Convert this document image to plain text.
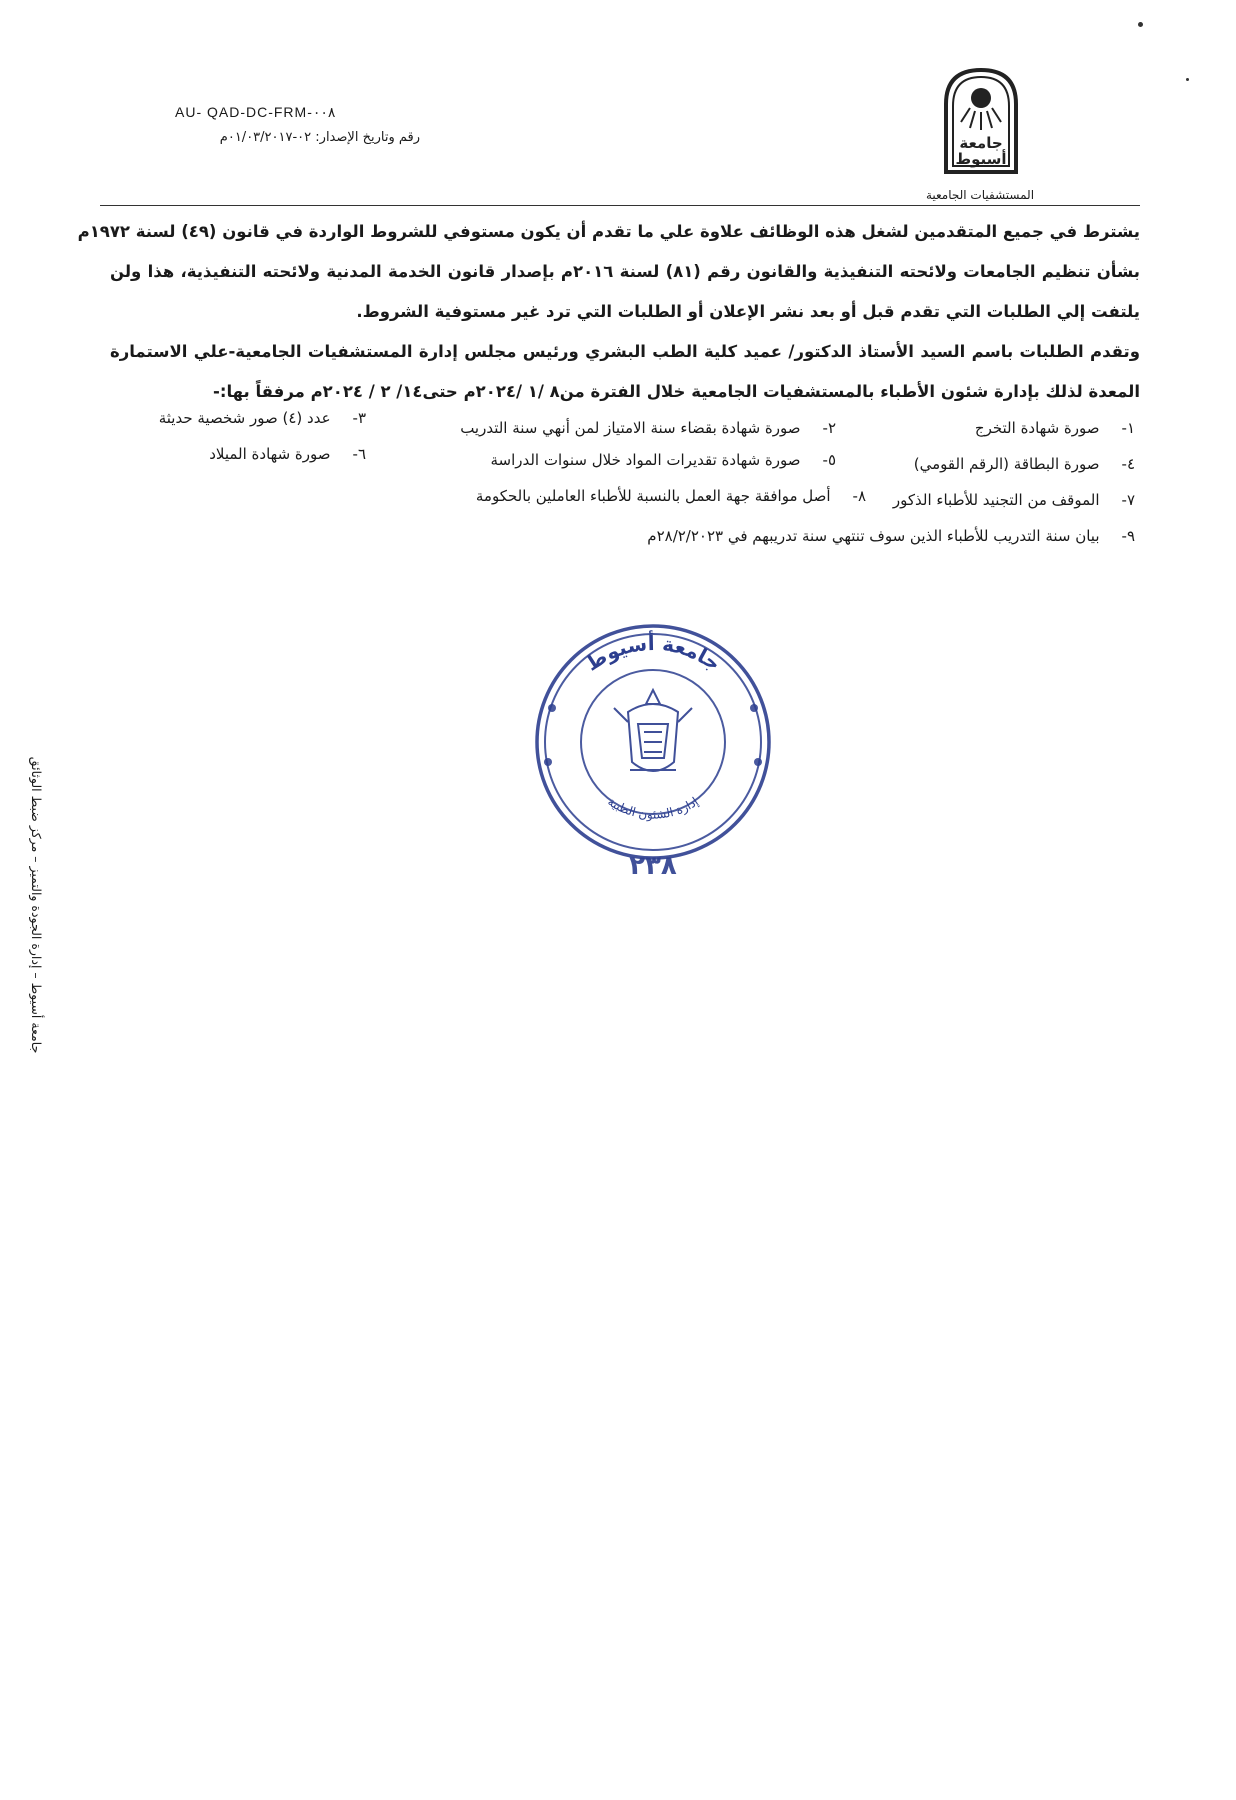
AU- QAD-DC-FRM-٠٠٨
رقم وتاريخ الإصدار: ٠٢-٠١/٠٣/٢٠١٧م	جامعة
أسيوط
المستشفيات الجامعية
يشترط في جميع المتقدمين لشغل هذه الوظائف علاوة علي ما تقدم أن يكون مستوفي للشروط الواردة في قانون (٤٩) لسنة ١٩٧٢م
بشأن تنظيم الجامعات ولائحته التنفيذية والقانون رقم (٨١) لسنة ٢٠١٦م بإصدار قانون الخدمة المدنية ولائحته التنفيذية، هذا ولن
يلتفت إلي الطلبات التي تقدم قبل أو بعد نشر الإعلان أو الطلبات التي ترد غير مستوفية الشروط.
وتقدم الطلبات باسم السيد الأستاذ الدكتور/ عميد كلية الطب البشري ورئيس مجلس إدارة المستشفيات الجامعية-علي الاستمارة
المعدة لذلك بإدارة شئون الأطباء بالمستشفيات الجامعية خلال الفترة من٨ /١ /٢٠٢٤م حتى١٤/ ٢ / ٢٠٢٤م مرفقاً بها:-
١-صورة شهادة التخرج
٢-صورة شهادة بقضاء سنة الامتياز لمن أنهي سنة التدريب
٣-عدد (٤) صور شخصية حديثة
٤-صورة البطاقة (الرقم القومي)
٥-صورة شهادة تقديرات المواد خلال سنوات الدراسة
٦-صورة شهادة الميلاد
٧-الموقف من التجنيد للأطباء الذكور
٨-أصل موافقة جهة العمل بالنسبة للأطباء العاملين بالحكومة
٩-بيان سنة التدريب للأطباء الذين سوف تنتهي سنة تدريبهم في ٢٨/٢/٢٠٢٣م
جامعة أسيوط
إدارة الشئون الطبية
٢٣٨
جامعة أسيوط – إدارة الجودة والتميز – مركز ضبط الوثائق
